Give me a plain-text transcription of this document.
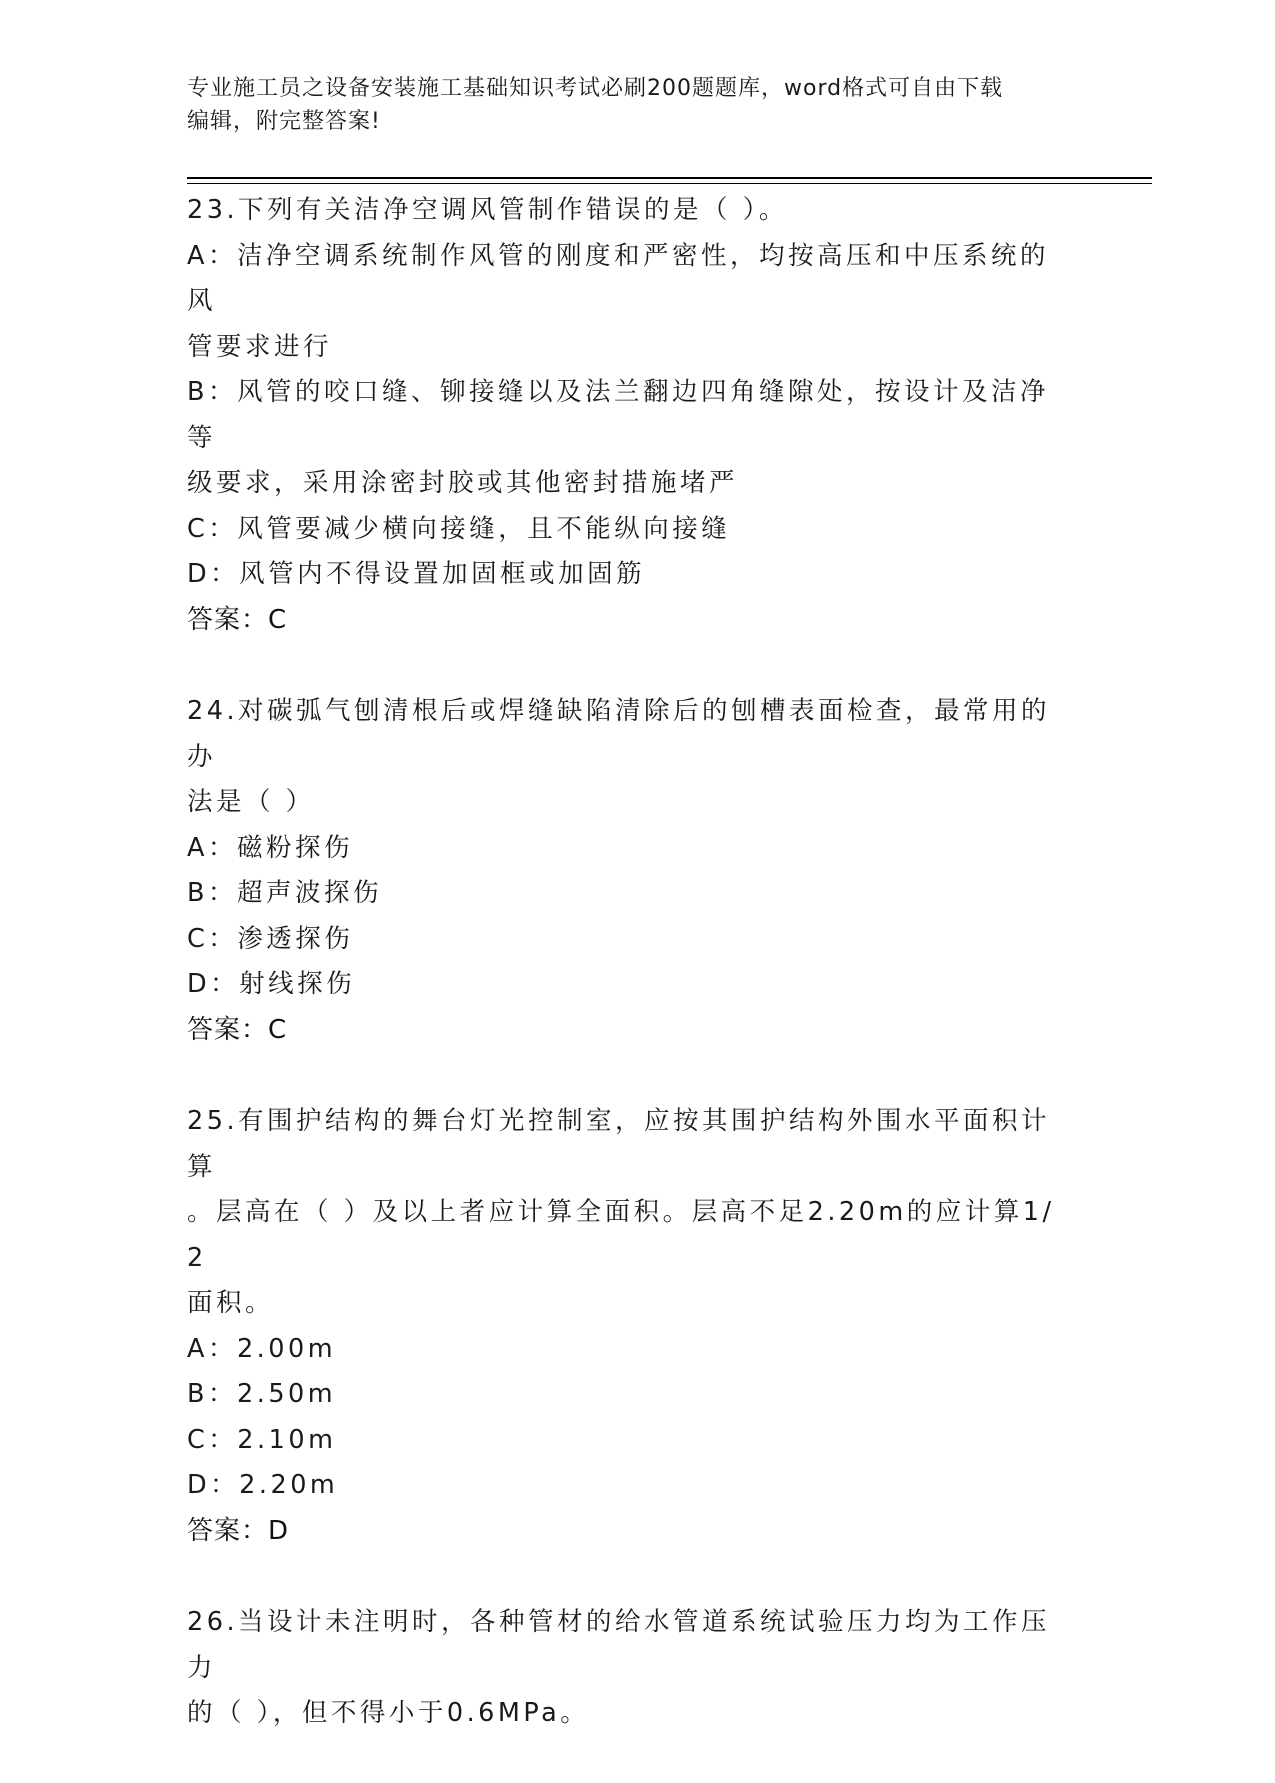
专业施工员之设备安装施工基础知识考试必刷200题题库，word格式可自由下载
编辑，附完整答案!
23.下列有关洁净空调风管制作错误的是（ ）。
A：洁净空调系统制作风管的刚度和严密性，均按高压和中压系统的风
管要求进行
B：风管的咬口缝、铆接缝以及法兰翻边四角缝隙处，按设计及洁净等
级要求，采用涂密封胶或其他密封措施堵严
C：风管要减少横向接缝，且不能纵向接缝
D：风管内不得设置加固框或加固筋
答案：C
24.对碳弧气刨清根后或焊缝缺陷清除后的刨槽表面检查，最常用的办
法是（ ）
A：磁粉探伤
B：超声波探伤
C：渗透探伤
D：射线探伤
答案：C
25.有围护结构的舞台灯光控制室，应按其围护结构外围水平面积计算
。层高在（ ）及以上者应计算全面积。层高不足2.20m的应计算1/2
面积。
A：2.00m
B：2.50m
C：2.10m
D：2.20m
答案：D
26.当设计未注明时，各种管材的给水管道系统试验压力均为工作压力
的（ ），但不得小于0.6MPa。
